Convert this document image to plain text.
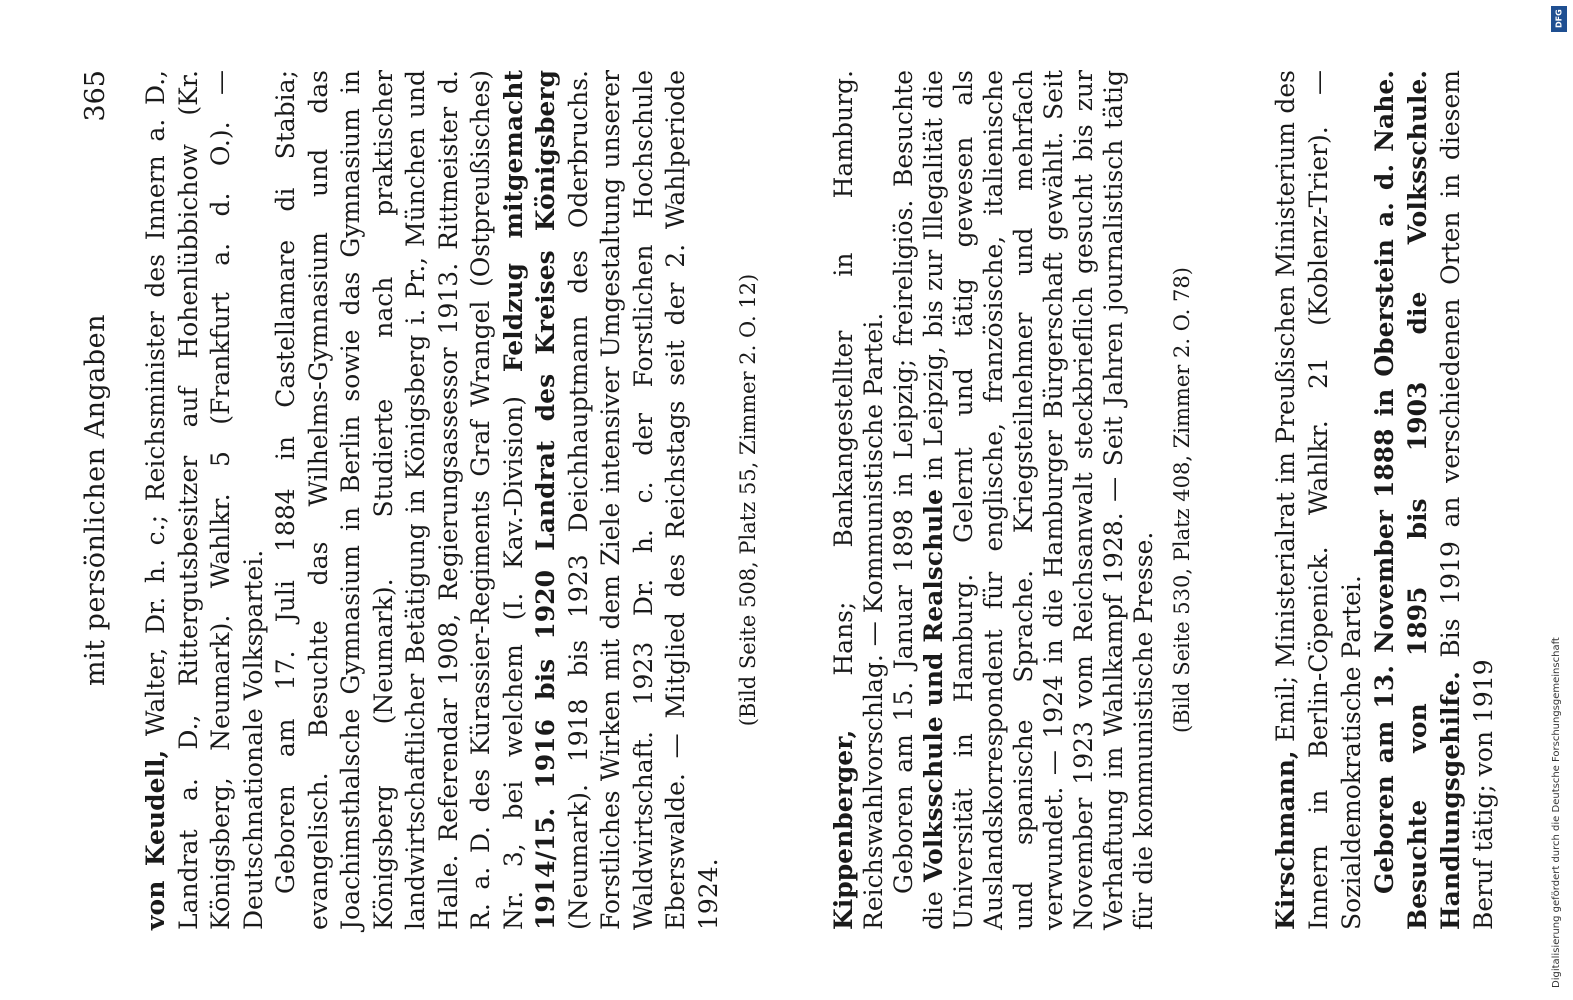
mit persönlichen Angaben
365

von Keudell, Walter, Dr. h. c.; Reichsminister des Innern a. D., Landrat a. D., Rittergutsbesitzer auf Hohenlübbichow (Kr. Königsberg, Neumark). Wahlkr. 5 (Frankfurt a. d. O.). — Deutschnationale Volkspartei. Geboren am 17. Juli 1884 in Castellamare di Stabia; evangelisch. Besuchte das Wilhelms-Gymnasium und das Joachimsthalsche Gymnasium in Berlin sowie das Gymnasium in Königsberg (Neumark). Studierte nach praktischer landwirtschaftlicher Betätigung in Königsberg i. Pr., München und Halle. Referendar 1908, Regierungsassessor 1913. Rittmeister d. R. a. D. des Kürassier-Regiments Graf Wrangel (Ostpreußisches) Nr. 3, bei welchem (I. Kav.-Division) Feldzug mitgemacht 1914/15. 1916 bis 1920 Landrat des Kreises Königsberg (Neumark). 1918 bis 1923 Deichhauptmann des Oderbruchs. Forstliches Wirken mit dem Ziele intensiver Umgestaltung unserer Waldwirtschaft. 1923 Dr. h. c. der Forstlichen Hochschule Eberswalde. — Mitglied des Reichstags seit der 2. Wahlperiode 1924.

(Bild Seite 508, Platz 55, Zimmer 2. O. 12)

Kippenberger, Hans; Bankangestellter in Hamburg. Reichswahlvorschlag. — Kommunistische Partei. Geboren am 15. Januar 1898 in Leipzig; freireligiös. Besuchte die Volksschule und Realschule in Leipzig, bis zur Illegalität die Universität in Hamburg. Gelernt und tätig gewesen als Auslandskorrespondent für englische, französische, italienische und spanische Sprache. Kriegsteilnehmer und mehrfach verwundet. — 1924 in die Hamburger Bürgerschaft gewählt. Seit November 1923 vom Reichsanwalt steckbrieflich gesucht bis zur Verhaftung im Wahlkampf 1928. — Seit Jahren journalistisch tätig für die kommunistische Presse. (Bild Seite 530, Platz 408, Zimmer 2. O. 78)

Kirschmann, Emil; Ministerialrat im Preußischen Ministerium des Innern in Berlin-Cöpenick. Wahlkr. 21 (Koblenz-Trier). — Sozialdemokratische Partei. Geboren am 13. November 1888 in Oberstein a. d. Nahe. Besuchte von 1895 bis 1903 die Volksschule. Handlungsgehilfe. Bis 1919 an verschiedenen Orten in diesem Beruf tätig; von 1919

DFG
Digitalisierung gefördert durch die Deutsche Forschungsgemeinschaft
